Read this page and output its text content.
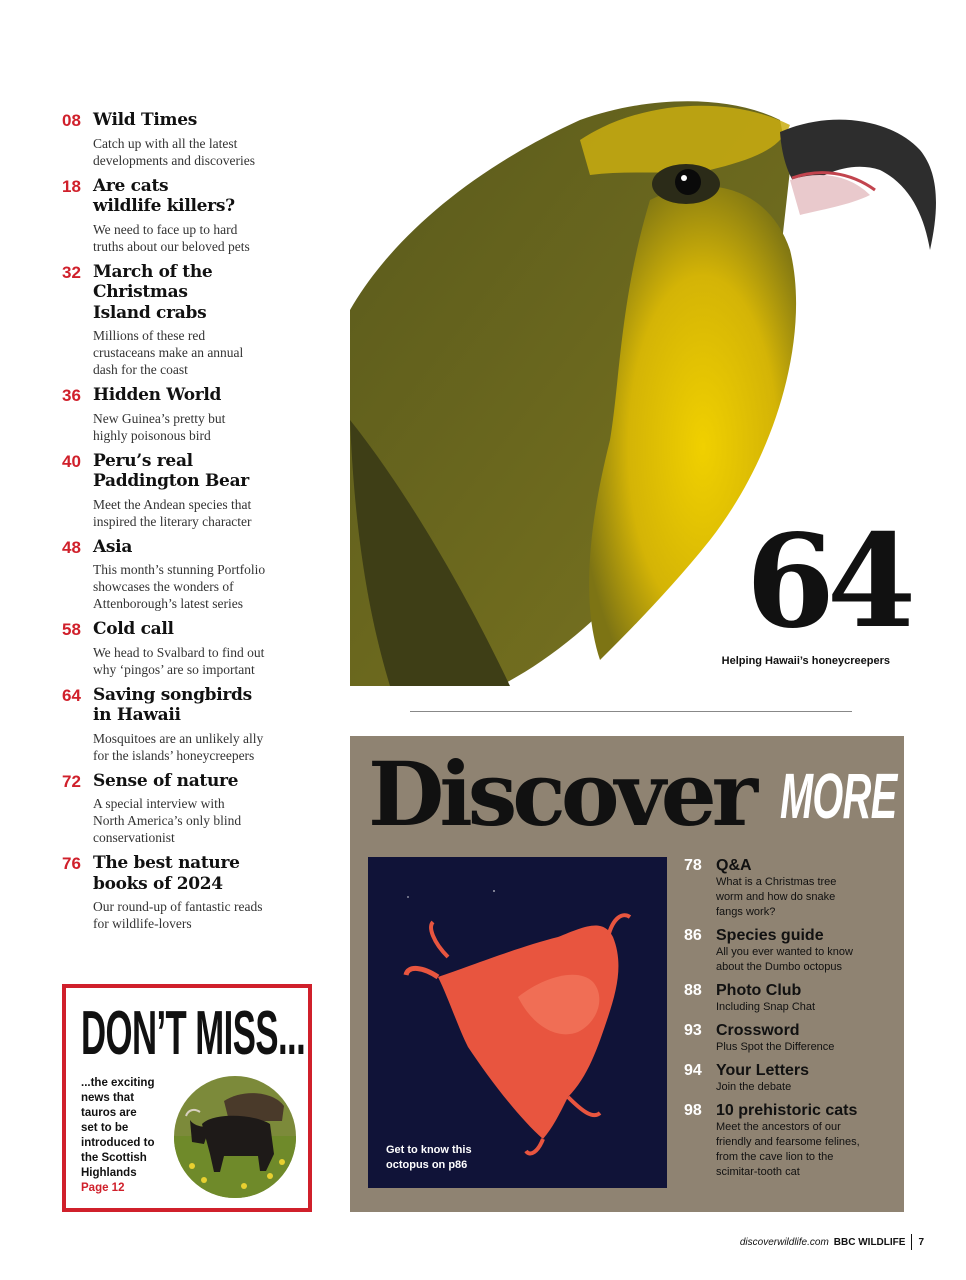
08 Wild Times
Catch up with all the latest
developments and discoveries
18 Are cats
wildlife killers?
We need to face up to hard
truths about our beloved pets
32 March of the
Christmas
Island crabs
Millions of these red
crustaceans make an annual
dash for the coast
36 Hidden World
New Guinea’s pretty but
highly poisonous bird
40 Peru’s real
Paddington Bear
Meet the Andean species that
inspired the literary character
48 Asia
This month’s stunning Portfolio
showcases the wonders of
Attenborough’s latest series
58 Cold call
We head to Svalbard to find out
why ‘pingos’ are so important
64 Saving songbirds
in Hawaii
Mosquitoes are an unlikely ally
for the islands’ honeycreepers
72 Sense of nature
A special interview with
North America’s only blind
conservationist
76 The best nature
books of 2024
Our round-up of fantastic reads
for wildlife-lovers
64
Helping Hawaii’s honeycreepers
Discover MORE
Get to know this
octopus on p86
78 Q&A
What is a Christmas tree
worm and how do snake
fangs work?
86 Species guide
All you ever wanted to know
about the Dumbo octopus
88 Photo Club
Including Snap Chat
93 Crossword
Plus Spot the Difference
94 Your Letters
Join the debate
98 10 prehistoric cats
Meet the ancestors of our
friendly and fearsome felines,
from the cave lion to the
scimitar-tooth cat
DON’T MISS...
...the exciting
news that
tauros are
set to be
introduced to
the Scottish
Highlands
Page 12
discoverwildlife.com BBC WILDLIFE 7
